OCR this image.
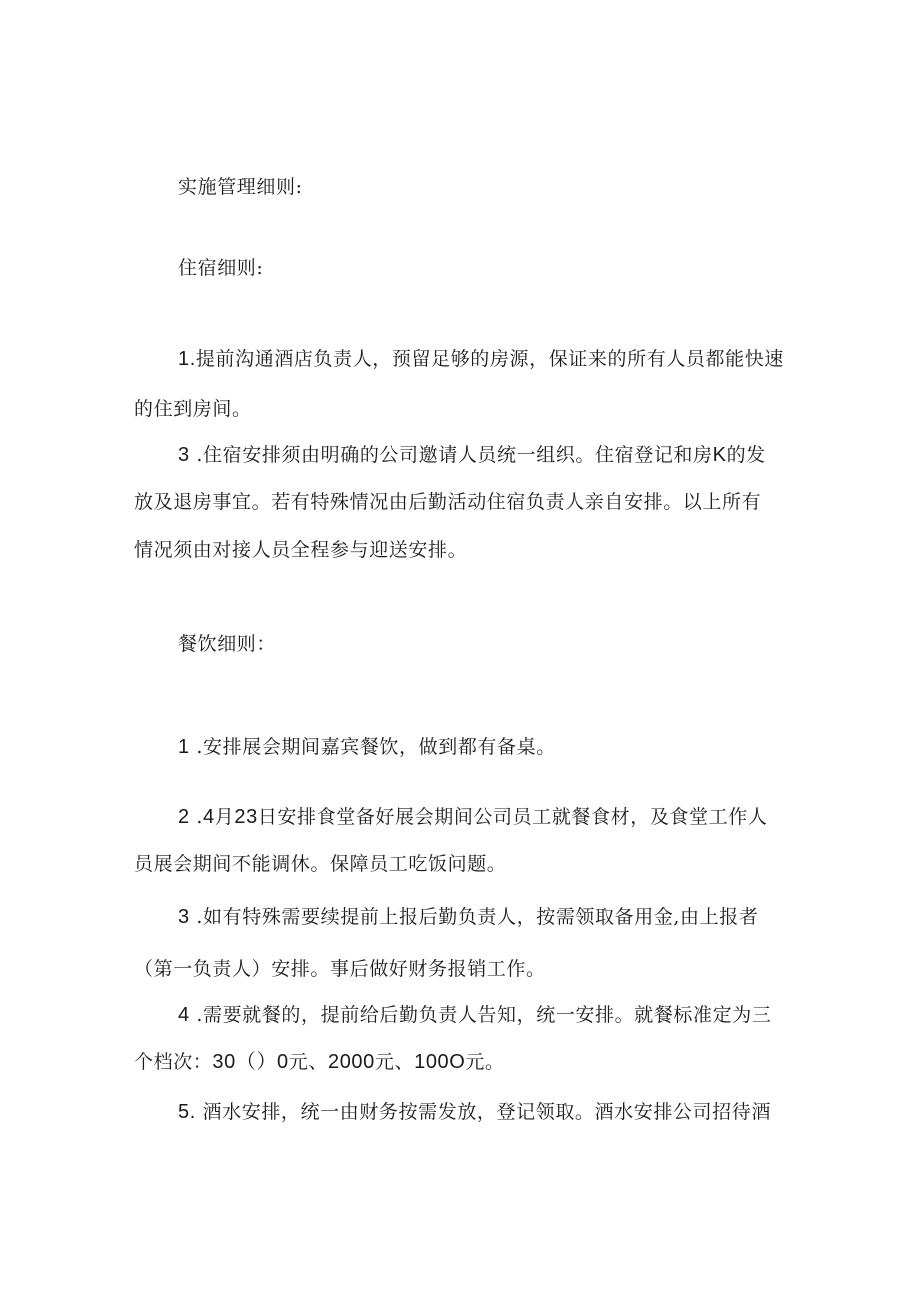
实施管理细则:
住宿细则:
1.提前沟通酒店负责人，预留足够的房源，保证来的所有人员都能快速
的住到房间。
3 .住宿安排须由明确的公司邀请人员统一组织。住宿登记和房K的发
放及退房事宜。若有特殊情况由后勤活动住宿负责人亲自安排。以上所有
情况须由对接人员全程参与迎送安排。
餐饮细则：
1 .安排展会期间嘉宾餐饮，做到都有备桌。
2 .4月23日安排食堂备好展会期间公司员工就餐食材，及食堂工作人
员展会期间不能调休。保障员工吃饭问题。
3 .如有特殊需要续提前上报后勤负责人，按需领取备用金,由上报者
（第一负责人）安排。事后做好财务报销工作。
4 .需要就餐的，提前给后勤负责人告知，统一安排。就餐标准定为三
个档次：30（）0元、2000元、100O元。
5. 酒水安排，统一由财务按需发放，登记领取。酒水安排公司招待酒
